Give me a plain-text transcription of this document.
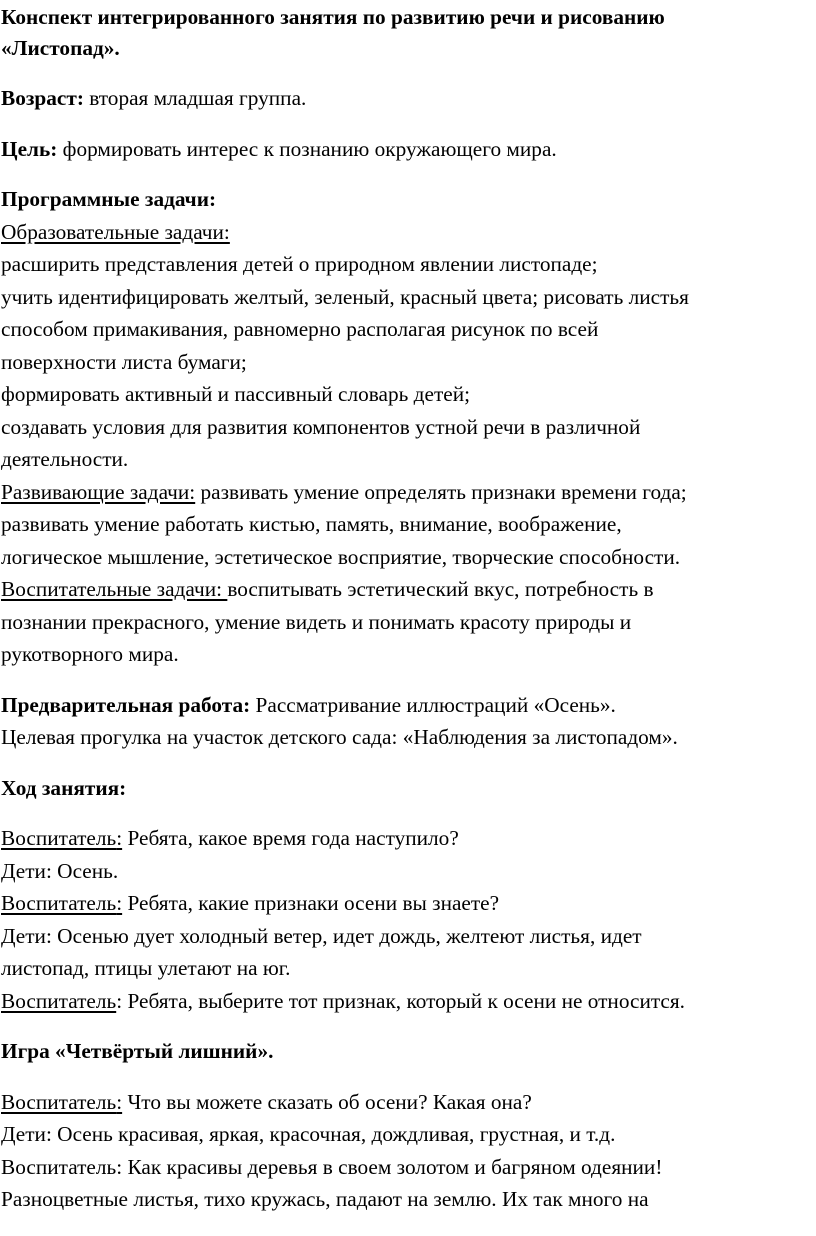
Конспект интегрированного занятия по развитию речи и рисованию

«Листопад».

Возраст: вторая младшая группа.

Цель: формировать интерес к познанию окружающего мира.

Программные задачи:

Образовательные задачи:

расширить представления детей о природном явлении листопаде;

учить идентифицировать желтый, зеленый, красный цвета; рисовать листья

способом примакивания, равномерно располагая рисунок по всей

поверхности листа бумаги;

формировать активный и пассивный словарь детей;

создавать условия для развития компонентов устной речи в различной

деятельности.

Развивающие задачи: развивать умение определять признаки времени года;

развивать умение работать кистью, память, внимание, воображение,

логическое мышление, эстетическое восприятие, творческие способности.

Воспитательные задачи: воспитывать эстетический вкус, потребность в

познании прекрасного, умение видеть и понимать красоту природы и

рукотворного мира.

Предварительная работа: Рассматривание иллюстраций «Осень».

Целевая прогулка на участок детского сада: «Наблюдения за листопадом».

Ход занятия:

Воспитатель: Ребята, какое время года наступило?

Дети: Осень.

Воспитатель: Ребята, какие признаки осени вы знаете?

Дети: Осенью дует холодный ветер, идет дождь, желтеют листья, идет

листопад, птицы улетают на юг.

Воспитатель: Ребята, выберите тот признак, который к осени не относится.

Игра «Четвёртый лишний».

Воспитатель: Что вы можете сказать об осени? Какая она?

Дети: Осень красивая, яркая, красочная, дождливая, грустная, и т.д.

Воспитатель: Как красивы деревья в своем золотом и багряном одеянии!

Разноцветные листья, тихо кружась, падают на землю. Их так много на
